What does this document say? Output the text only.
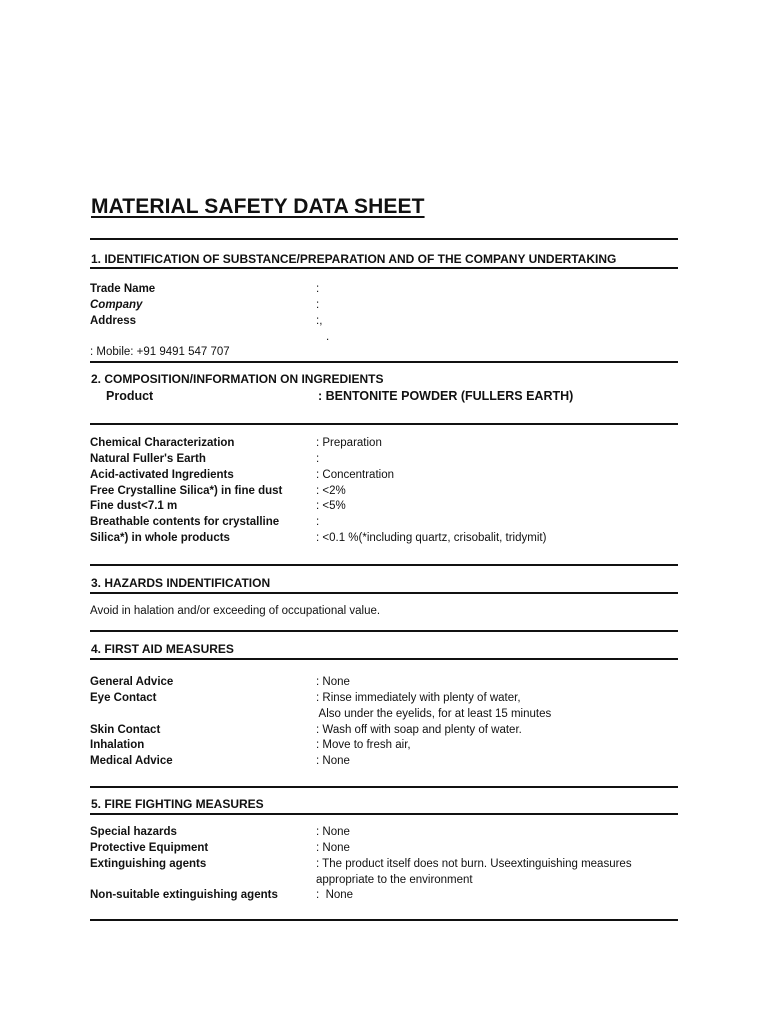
MATERIAL SAFETY DATA SHEET
1. IDENTIFICATION OF SUBSTANCE/PREPARATION AND OF THE COMPANY UNDERTAKING
Trade Name	:
Company	:
Address	:,
.
: Mobile: +91 9491 547 707
2. COMPOSITION/INFORMATION ON INGREDIENTS
Product	: BENTONITE POWDER (FULLERS EARTH)
Chemical Characterization	: Preparation
Natural Fuller's Earth	:
Acid-activated Ingredients	: Concentration
Free Crystalline Silica*) in fine dust	: <2%
Fine dust<7.1 m	: <5%
Breathable contents for crystalline	:
Silica*) in whole products	: <0.1 %(*including quartz, crisobalit, tridymit)
3. HAZARDS INDENTIFICATION
Avoid in halation and/or exceeding of occupational value.
4. FIRST AID MEASURES
General Advice	: None
Eye Contact	: Rinse immediately with plenty of water,
Also under the eyelids, for at least 15 minutes
Skin Contact	: Wash off with soap and plenty of water.
Inhalation	: Move to fresh air,
Medical Advice	: None
5. FIRE FIGHTING MEASURES
Special hazards	: None
Protective Equipment	: None
Extinguishing agents	: The product itself does not burn. Useextinguishing measures
appropriate to the environment
Non-suitable extinguishing agents	:  None
